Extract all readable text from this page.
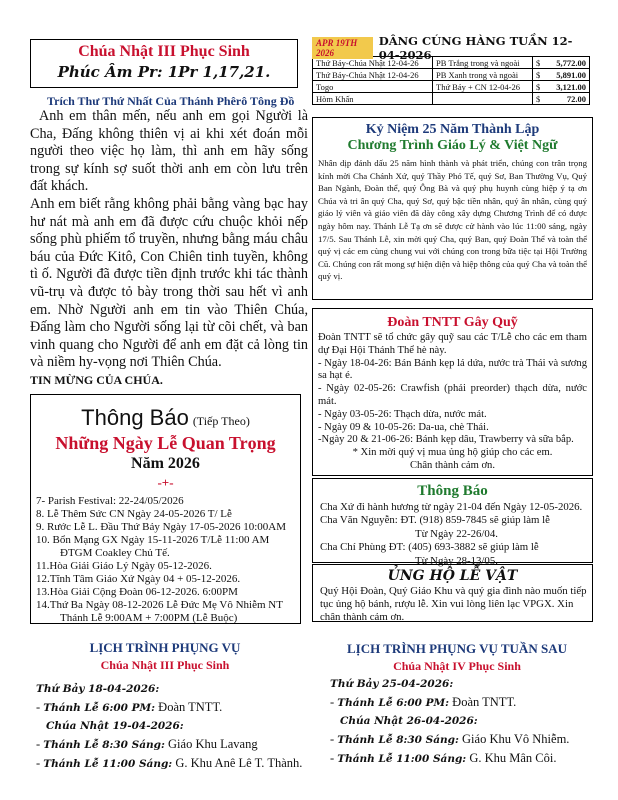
Chúa Nhật III Phục Sinh
Phúc Âm Pr: 1Pr 1,17,21.
Trích Thư Thứ Nhất Của Thánh Phêrô Tông Đồ
Anh em thân mến, nếu anh em gọi Người là Cha, Đấng không thiên vị ai khi xét đoán mỗi người theo việc họ làm, thì anh em hãy sống trong sự kính sợ suốt thời anh em còn lưu trên đất khách.
Anh em biết rằng không phải bằng vàng bạc hay hư nát mà anh em đã được cứu chuộc khỏi nếp sống phù phiếm tổ truyền, nhưng bằng máu châu báu của Đức Kitô, Con Chiên tinh tuyền, không tì ố. Người đã được tiền định trước khi tác thành vũ-trụ và được tỏ bày trong thời sau hết vì anh em. Nhờ Người anh em tin vào Thiên Chúa, Đấng làm cho Người sống lại từ cõi chết, và ban vinh quang cho Người để anh em đặt cả lòng tin và niềm hy-vọng nơi Thiên Chúa.
TIN MỪNG CỦA CHÚA.
Thông Báo (Tiếp Theo)
Những Ngày Lễ Quan Trọng
Năm 2026
-+-
7- Parish Festival: 22-24/05/2026
8. Lễ Thêm Sức CN Ngày 24-05-2026 T/ Lễ
9. Rước Lễ L. Đầu Thứ Bảy Ngày 17-05-2026 10:00AM
10. Bổn Mạng GX Ngày 15-11-2026 T/Lễ 11:00 AM
ĐTGM Coakley Chủ Tế.
11.Hòa Giải Giáo Lý Ngày 05-12-2026.
12.Tĩnh Tâm Giáo Xứ Ngày 04 + 05-12-2026.
13.Hòa Giải Cộng Đoàn 06-12-2026. 6:00PM
14.Thứ Ba Ngày 08-12-2026 Lễ Đức Mẹ Vô Nhiễm NT
Thánh Lễ 9:00AM + 7:00PM (Lễ Buộc)
LỊCH TRÌNH PHỤNG VỤ
Chúa Nhật III Phục Sinh
Thứ Bảy 18-04-2026:
- Thánh Lễ 6:00 PM: Đoàn TNTT.
Chúa Nhật 19-04-2026:
- Thánh Lễ 8:30 Sáng: Giáo Khu Lavang
- Thánh Lễ 11:00 Sáng: G. Khu Anê Lê T. Thành.
APR 19TH 2026
DÂNG CÚNG HÀNG TUẦN 12-04-2026
Thứ Bảy-Chúa Nhật 12-04-26	PB Trắng trong và ngoài	$	5,772.00
Thứ Bảy-Chúa Nhật 12-04-26	PB Xanh trong và ngoài	$	5,891.00
Togo	Thứ Bảy + CN 12-04-26	$	3,121.00
Hòm Khấn		$	72.00
Kỷ Niệm 25 Năm Thành Lập
Chương Trình Giáo Lý & Việt Ngữ
Nhân dịp đánh dấu 25 năm hình thành và phát triển, chúng con trân trọng kính mời Cha Chánh Xứ, quý Thầy Phó Tế, quý Sơ, Ban Thường Vụ, Quý Ban Ngành, Đoàn thể, quý Ông Bà và quý phụ huynh cùng hiệp ý tạ ơn Chúa và tri ân quý Cha, quý Sơ, quý bậc tiền nhân, quý ân nhân, cùng quý giáo lý viên và giáo viên đã dày công xây dựng Chương Trình để có được ngày hôm nay. Thánh Lễ Tạ ơn sẽ được cử hành vào lúc 11:00 sáng, ngày 17/5. Sau Thánh Lễ, xin mời quý Cha, quý Ban, quý Đoàn Thể và toàn thể quý vị các em cùng chung vui với chúng con trong bữa tiệc tại Hội Trường Cũ. Chúng con rất mong sự hiện diện và hiệp thông của quý Cha và toàn thể quý vị.
Đoàn TNTT Gây Quỹ
Đoàn TNTT sẽ tổ chức gây quỹ sau các T/Lễ cho các em tham dự Đại Hội Thánh Thể hè này.
- Ngày 18-04-26: Bán Bánh kẹp lá dứa, nước trà Thái và sương sa hạt é.
- Ngày 02-05-26: Crawfish (phải preorder) thạch dừa, nước mát.
- Ngày 03-05-26: Thạch dừa, nước mát.
- Ngày 09 & 10-05-26: Da-ua, chè Thái.
-Ngày 20 & 21-06-26: Bánh kẹp dâu, Trawberry và sữa bắp.
* Xin mời quý vị mua ủng hộ giúp cho các em.
Chân thành cảm ơn.
Thông Báo
Cha Xứ đi hành hương từ ngày 21-04 đến Ngày 12-05-2026.
Cha Văn Nguyễn: ĐT. (918) 859-7845 sẽ giúp làm lễ
Từ Ngày 22-26/04.
Cha Chí Phùng ĐT: (405) 693-3882 sẽ giúp làm lễ
Từ Ngày 28-13/05.
ỦNG HỘ LỄ VẬT
Quý Hội Đoàn, Quý Giáo Khu và quý gia đình nào muốn tiếp tục ủng hộ bánh, rượu lễ. Xin vui lòng liên lạc VPGX. Xin chân thành cảm ơn.
LỊCH TRÌNH PHỤNG VỤ TUẦN SAU
Chúa Nhật IV Phục Sinh
Thứ Bảy 25-04-2026:
- Thánh Lễ 6:00 PM: Đoàn TNTT.
Chúa Nhật 26-04-2026:
- Thánh Lễ 8:30 Sáng: Giáo Khu Vô Nhiễm.
- Thánh Lễ 11:00 Sáng: G. Khu Mân Côi.
